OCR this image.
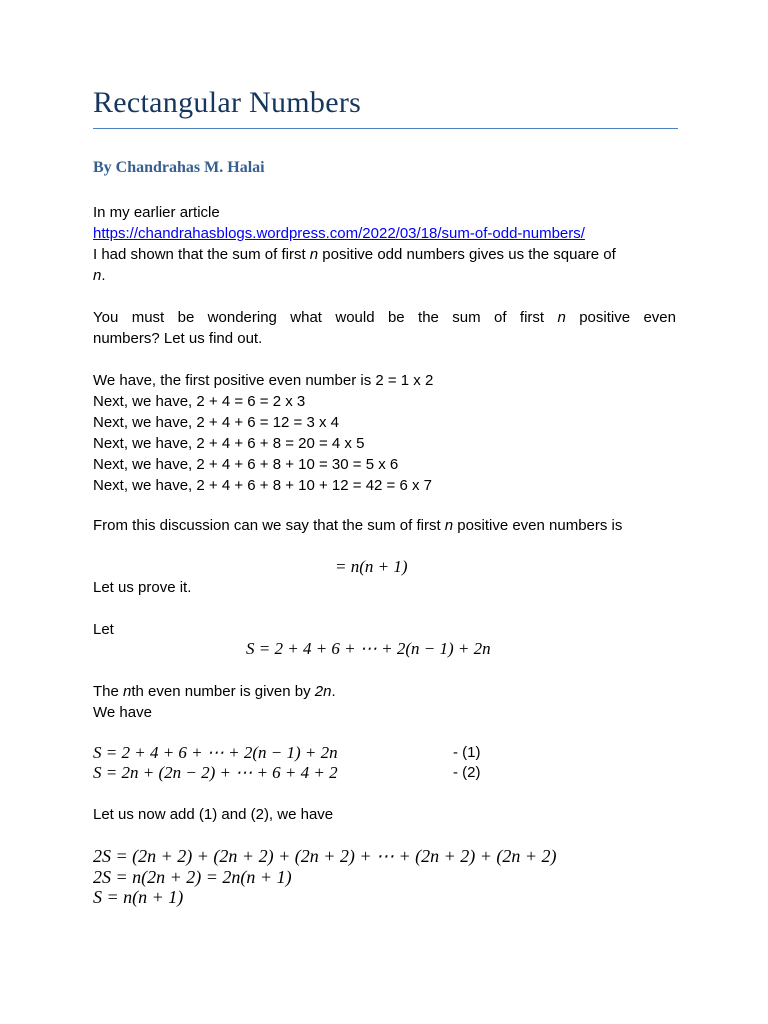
Rectangular Numbers
By Chandrahas M. Halai
In my earlier article
https://chandrahasblogs.wordpress.com/2022/03/18/sum-of-odd-numbers/
I had shown that the sum of first n positive odd numbers gives us the square of
n.
You must be wondering what would be the sum of first n positive even
numbers? Let us find out.
We have, the first positive even number is 2 = 1 x 2
Next, we have, 2 + 4 = 6 = 2 x 3
Next, we have, 2 + 4 + 6 = 12 = 3 x 4
Next, we have, 2 + 4 + 6 + 8 = 20 = 4 x 5
Next, we have, 2 + 4 + 6 + 8 + 10 = 30 = 5 x 6
Next, we have, 2 + 4 + 6 + 8 + 10 + 12 = 42 = 6 x 7
From this discussion can we say that the sum of first n positive even numbers is
= n(n + 1)
Let us prove it.
Let
S = 2 + 4 + 6 + ⋯ + 2(n − 1) + 2n
The nth even number is given by 2n.
We have
S = 2 + 4 + 6 + ⋯ + 2(n − 1) + 2n	- (1)
S = 2n + (2n − 2) + ⋯ + 6 + 4 + 2	- (2)
Let us now add (1) and (2), we have
2S = (2n + 2) + (2n + 2) + (2n + 2) + ⋯ + (2n + 2) + (2n + 2)
2S = n(2n + 2) = 2n(n + 1)
S = n(n + 1)
